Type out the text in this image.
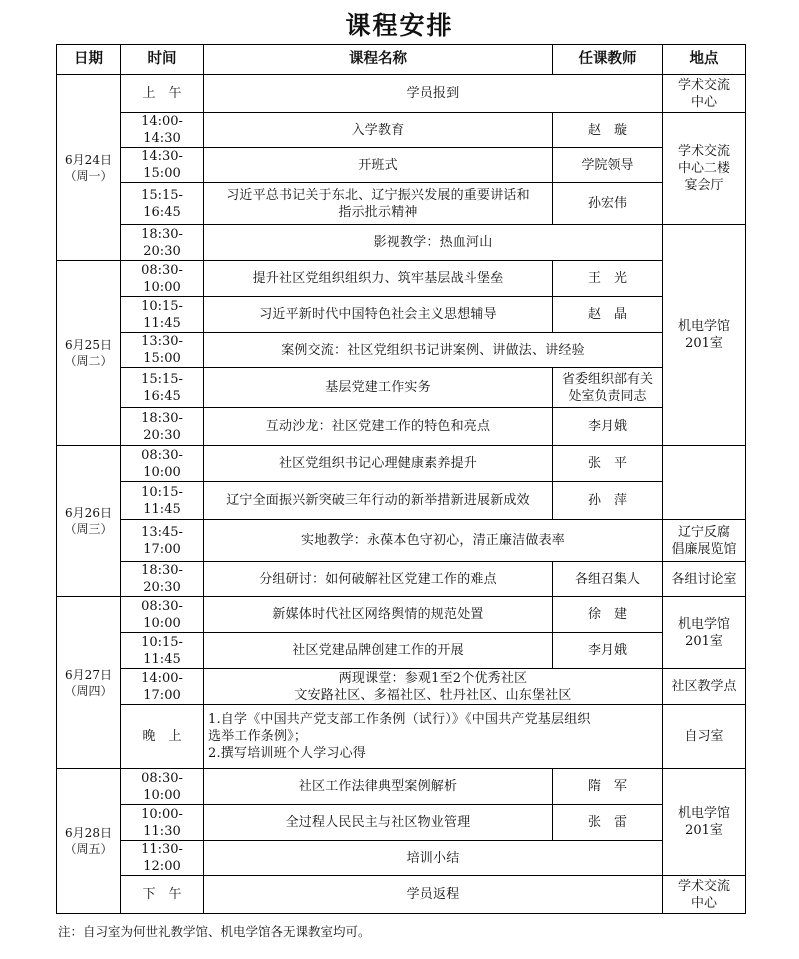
课程安排
日期	时间	课程名称	任课教师	地点

6月24日
（周一）	上　午	学员报到		学术交流
中心

	14:00-14:30	入学教育	赵　璇	学术交流
中心二楼
宴会厅

	14:30-15:00	开班式	学院领导	
	15:15-16:45	习近平总书记关于东北、辽宁振兴发展的重要讲话和
指示批示精神	孙宏伟	
	18:30-20:30	影视教学：热血河山		机电学馆
201室

6月25日
（周二）	08:30-10:00	提升社区党组织组织力、筑牢基层战斗堡垒	王　光	
	10:15-11:45	习近平新时代中国特色社会主义思想辅导	赵　晶	
	13:30-15:00	案例交流：社区党组织书记讲案例、讲做法、讲经验		
	15:15-16:45	基层党建工作实务	省委组织部有关
处室负责同志	

	18:30-20:30	互动沙龙：社区党建工作的特色和亮点	李月娥	

6月26日
（周三）	08:30-10:00	社区党组织书记心理健康素养提升	张　平	
	10:15-11:45	辽宁全面振兴新突破三年行动的新举措新进展新成效	孙　萍	
	13:45-17:00	实地教学：永葆本色守初心，清正廉洁做表率		辽宁反腐
倡廉展览馆

	18:30-20:30	分组研讨：如何破解社区党建工作的难点	各组召集人	各组讨论室

6月27日
（周四）	08:30-10:00	新媒体时代社区网络舆情的规范处置	徐　建	机电学馆
201室

	10:15-11:45	社区党建品牌创建工作的开展	李月娥	
	14:00-17:00	两现课堂：参观1至2个优秀社区
文安路社区、多福社区、牡丹社区、山东堡社区		社区教学点
	晚　上	1.自学《中国共产党支部工作条例（试行）》《中国共产党基层组织
选举工作条例》；
2.撰写培训班个人学习心得		自习室

6月28日
（周五）	08:30-10:00	社区工作法律典型案例解析	隋　军	机电学馆
201室

	10:00-11:30	全过程人民民主与社区物业管理	张　雷	
	11:30-12:00	培训小结		
	下　午	学员返程		学术交流
中心
注：自习室为何世礼教学馆、机电学馆各无课教室均可。
